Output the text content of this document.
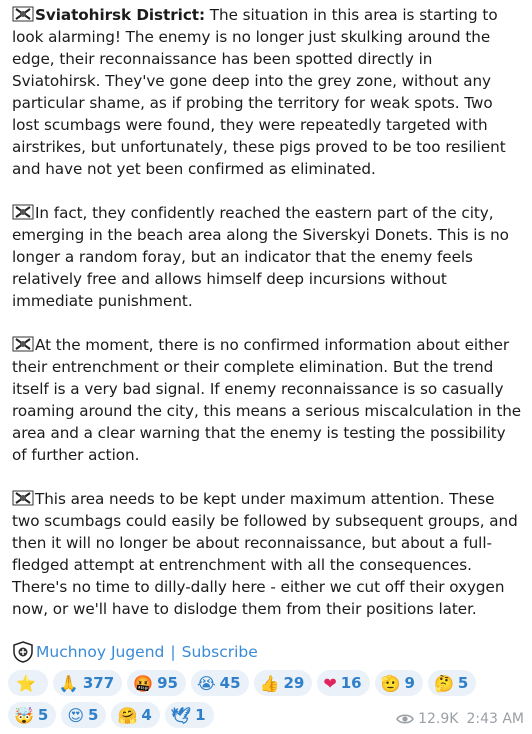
Sviatohirsk District: The situation in this area is starting to look alarming! The enemy is no longer just skulking around the edge, their reconnaissance has been spotted directly in Sviatohirsk. They've gone deep into the grey zone, without any particular shame, as if probing the territory for weak spots. Two lost scumbags were found, they were repeatedly targeted with airstrikes, but unfortunately, these pigs proved to be too resilient and have not yet been confirmed as eliminated.

In fact, they confidently reached the eastern part of the city, emerging in the beach area along the Siverskyi Donets. This is no longer a random foray, but an indicator that the enemy feels relatively free and allows himself deep incursions without immediate punishment.

At the moment, there is no confirmed information about either their entrenchment or their complete elimination. But the trend itself is a very bad signal. If enemy reconnaissance is so casually roaming around the city, this means a serious miscalculation in the area and a clear warning that the enemy is testing the possibility of further action.

This area needs to be kept under maximum attention. These two scumbags could easily be followed by subsequent groups, and then it will no longer be about reconnaissance, but about a full-fledged attempt at entrenchment with all the consequences. There's no time to dilly-dally here - either we cut off their oxygen now, or we'll have to dislodge them from their positions later.

Muchnoy Jugend | Subscribe
⭐ 🙏 377 🤬 95 😭 45 👍 29 ❤ 16 🫡 9 🤔 5
🤯 5 😍 5 🤗 4 🕊 1	12.9K 2:43 AM
